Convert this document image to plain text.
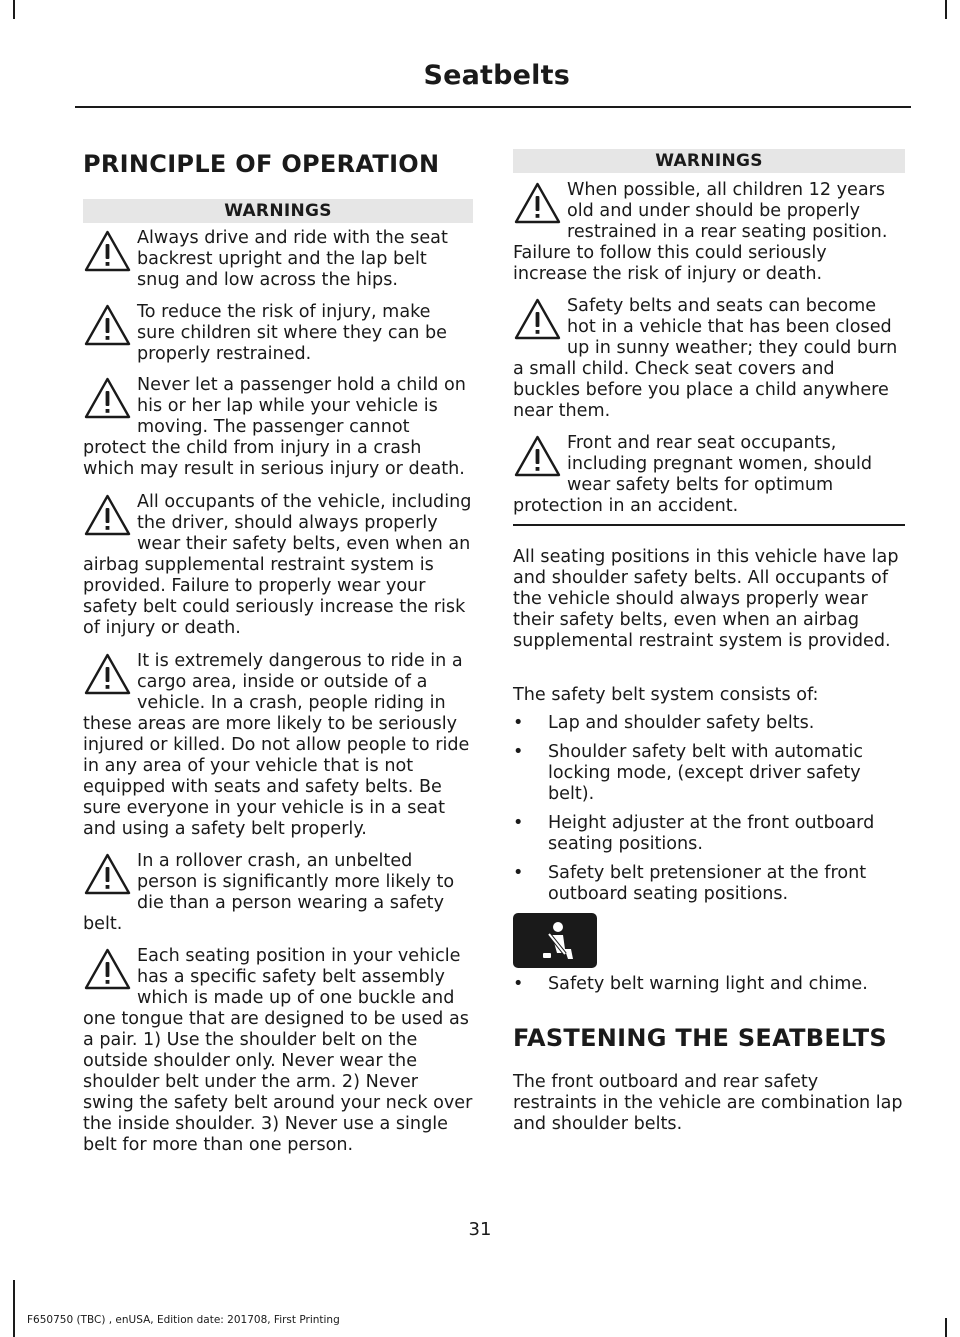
Seatbelts
PRINCIPLE OF OPERATION
WARNINGS
Always drive and ride with the seat backrest upright and the lap belt snug and low across the hips.
To reduce the risk of injury, make sure children sit where they can be properly restrained.
Never let a passenger hold a child on his or her lap while your vehicle is moving. The passenger cannot protect the child from injury in a crash which may result in serious injury or death.
All occupants of the vehicle, including the driver, should always properly wear their safety belts, even when an airbag supplemental restraint system is provided. Failure to properly wear your safety belt could seriously increase the risk of injury or death.
It is extremely dangerous to ride in a cargo area, inside or outside of a vehicle. In a crash, people riding in these areas are more likely to be seriously injured or killed. Do not allow people to ride in any area of your vehicle that is not equipped with seats and safety belts. Be sure everyone in your vehicle is in a seat and using a safety belt properly.
In a rollover crash, an unbelted person is significantly more likely to die than a person wearing a safety belt.
Each seating position in your vehicle has a specific safety belt assembly which is made up of one buckle and one tongue that are designed to be used as a pair. 1) Use the shoulder belt on the outside shoulder only. Never wear the shoulder belt under the arm. 2) Never swing the safety belt around your neck over the inside shoulder. 3) Never use a single belt for more than one person.
WARNINGS
When possible, all children 12 years old and under should be properly restrained in a rear seating position. Failure to follow this could seriously increase the risk of injury or death.
Safety belts and seats can become hot in a vehicle that has been closed up in sunny weather; they could burn a small child. Check seat covers and buckles before you place a child anywhere near them.
Front and rear seat occupants, including pregnant women, should wear safety belts for optimum protection in an accident.
All seating positions in this vehicle have lap and shoulder safety belts. All occupants of the vehicle should always properly wear their safety belts, even when an airbag supplemental restraint system is provided.
The safety belt system consists of:
• Lap and shoulder safety belts.
• Shoulder safety belt with automatic locking mode, (except driver safety belt).
• Height adjuster at the front outboard seating positions.
• Safety belt pretensioner at the front outboard seating positions.
• Safety belt warning light and chime.
FASTENING THE SEATBELTS
The front outboard and rear safety restraints in the vehicle are combination lap and shoulder belts.
31
F650750 (TBC) , enUSA, Edition date: 201708, First Printing
